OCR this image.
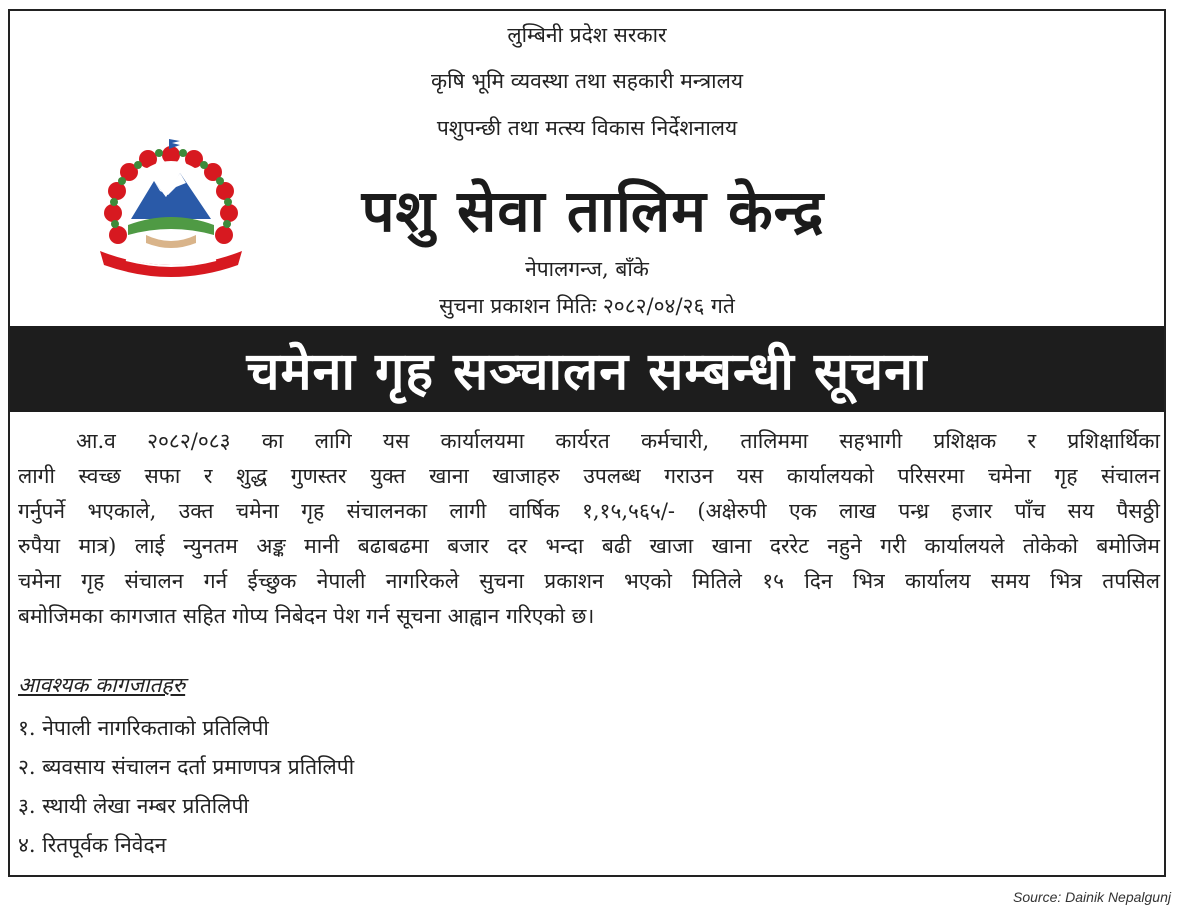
लुम्बिनी प्रदेश सरकार
कृषि भूमि व्यवस्था तथा सहकारी मन्त्रालय
पशुपन्छी तथा मत्स्य विकास निर्देशनालय
पशु सेवा तालिम केन्द्र
नेपालगन्ज, बाँके
सुचना प्रकाशन मितिः २०८२/०४/२६ गते
चमेना गृह सञ्चालन सम्बन्धी सूचना
आ.व २०८२/०८३ का लागि यस कार्यालयमा कार्यरत कर्मचारी, तालिममा सहभागी प्रशिक्षक र प्रशिक्षार्थिका
लागी स्वच्छ सफा र शुद्ध गुणस्तर युक्त खाना खाजाहरु उपलब्ध गराउन यस कार्यालयको परिसरमा चमेना गृह संचालन
गर्नुपर्ने भएकाले, उक्त चमेना गृह संचालनका लागी वार्षिक १,१५,५६५/- (अक्षेरुपी एक लाख पन्ध्र हजार पाँच सय पैसठ्ठी
रुपैया मात्र) लाई न्युनतम अङ्क मानी बढाबढमा बजार दर भन्दा बढी खाजा खाना दररेट नहुने गरी कार्यालयले तोकेको बमोजिम
चमेना गृह संचालन गर्न ईच्छुक नेपाली नागरिकले सुचना प्रकाशन भएको मितिले १५ दिन भित्र कार्यालय समय भित्र तपसिल
बमोजिमका कागजात सहित गोप्य निबेदन पेश गर्न सूचना आह्वान गरिएको छ।
आवश्यक कागजातहरु
१. नेपाली नागरिकताको प्रतिलिपी
२. ब्यवसाय संचालन दर्ता प्रमाणपत्र प्रतिलिपी
३. स्थायी लेखा नम्बर प्रतिलिपी
४. रितपूर्वक निवेदन
Source: Dainik Nepalgunj
